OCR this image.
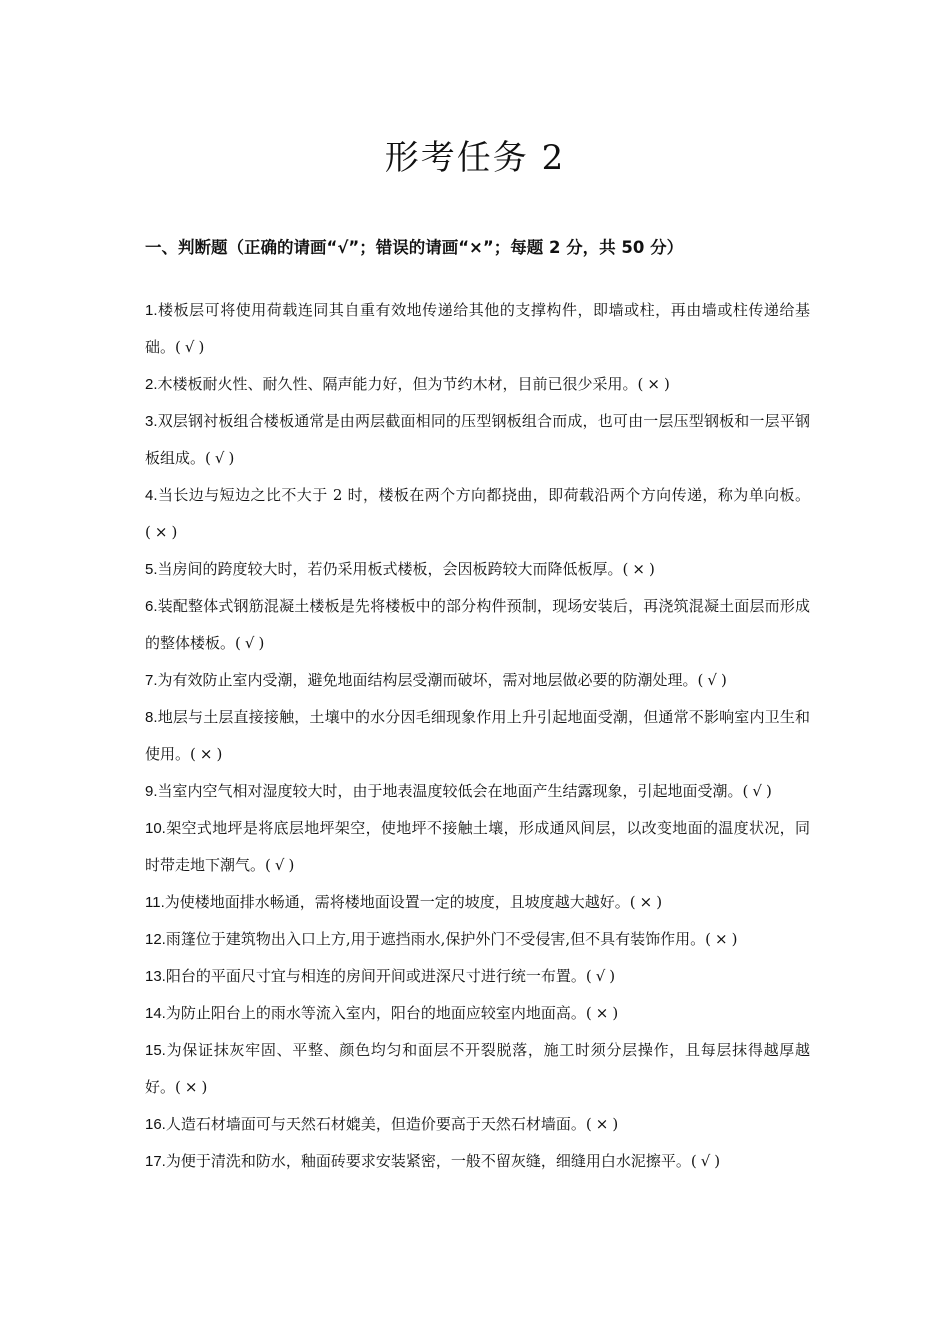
形考任务 2
一、判断题（正确的请画“√”；错误的请画“×”；每题 2 分，共 50 分）
1.楼板层可将使用荷载连同其自重有效地传递给其他的支撑构件，即墙或柱，再由墙或柱传递给基础。( √ )
2.木楼板耐火性、耐久性、隔声能力好，但为节约木材，目前已很少采用。( × )
3.双层钢衬板组合楼板通常是由两层截面相同的压型钢板组合而成，也可由一层压型钢板和一层平钢板组成。( √ )
4.当长边与短边之比不大于 2 时，楼板在两个方向都挠曲，即荷载沿两个方向传递，称为单向板。( × )
5.当房间的跨度较大时，若仍采用板式楼板，会因板跨较大而降低板厚。( × )
6.装配整体式钢筋混凝土楼板是先将楼板中的部分构件预制，现场安装后，再浇筑混凝土面层而形成的整体楼板。( √ )
7.为有效防止室内受潮，避免地面结构层受潮而破坏，需对地层做必要的防潮处理。( √ )
8.地层与土层直接接触，土壤中的水分因毛细现象作用上升引起地面受潮，但通常不影响室内卫生和使用。( × )
9.当室内空气相对湿度较大时，由于地表温度较低会在地面产生结露现象，引起地面受潮。( √ )
10.架空式地坪是将底层地坪架空，使地坪不接触土壤，形成通风间层，以改变地面的温度状况，同时带走地下潮气。( √ )
11.为使楼地面排水畅通，需将楼地面设置一定的坡度，且坡度越大越好。( × )
12.雨篷位于建筑物出入口上方,用于遮挡雨水,保护外门不受侵害,但不具有装饰作用。( × )
13.阳台的平面尺寸宜与相连的房间开间或进深尺寸进行统一布置。( √ )
14.为防止阳台上的雨水等流入室内，阳台的地面应较室内地面高。( × )
15.为保证抹灰牢固、平整、颜色均匀和面层不开裂脱落，施工时须分层操作，且每层抹得越厚越好。( × )
16.人造石材墙面可与天然石材媲美，但造价要高于天然石材墙面。( × )
17.为便于清洗和防水，釉面砖要求安装紧密，一般不留灰缝，细缝用白水泥擦平。( √ )
